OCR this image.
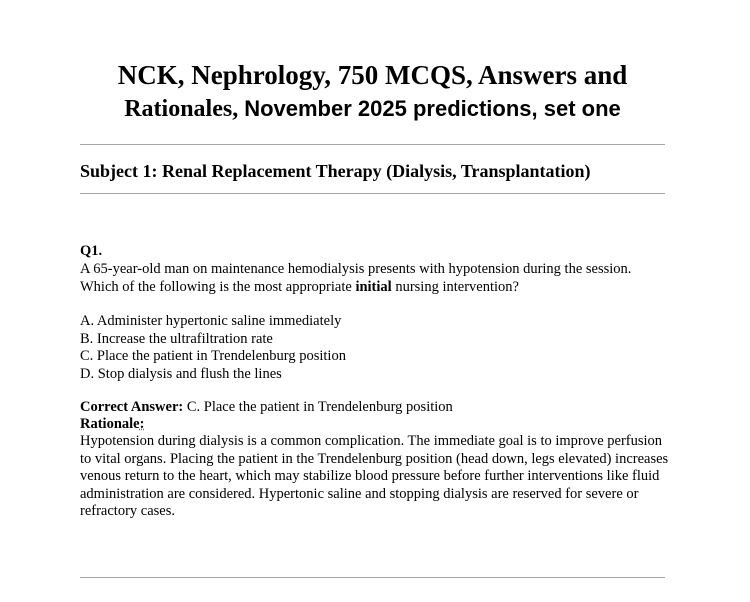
NCK, Nephrology, 750 MCQS, Answers and
Rationales, November 2025 predictions, set one
Subject 1: Renal Replacement Therapy (Dialysis, Transplantation)
Q1.

A 65-year-old man on maintenance hemodialysis presents with hypotension during the session. Which of the following is the most appropriate initial nursing intervention?

A. Administer hypertonic saline immediately
B. Increase the ultrafiltration rate
C. Place the patient in Trendelenburg position
D. Stop dialysis and flush the lines
Correct Answer: C. Place the patient in Trendelenburg position
Rationale:

Hypotension during dialysis is a common complication. The immediate goal is to improve perfusion to vital organs. Placing the patient in the Trendelenburg position (head down, legs elevated) increases venous return to the heart, which may stabilize blood pressure before further interventions like fluid administration are considered. Hypertonic saline and stopping dialysis are reserved for severe or refractory cases.
